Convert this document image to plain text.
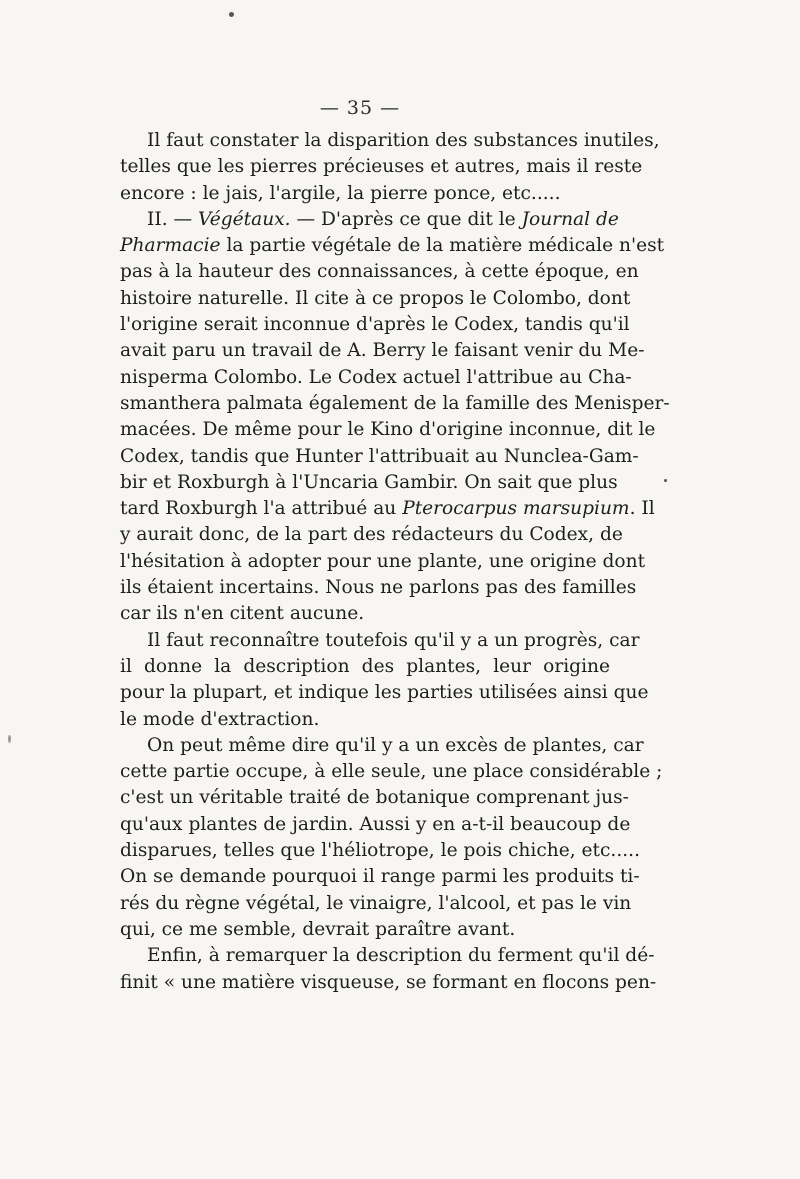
— 35 —
Il faut constater la disparition des substances inutiles,
telles que les pierres précieuses et autres, mais il reste
encore : le jais, l'argile, la pierre ponce, etc.....
II. — Végétaux. — D'après ce que dit le Journal de
Pharmacie la partie végétale de la matière médicale n'est
pas à la hauteur des connaissances, à cette époque, en
histoire naturelle. Il cite à ce propos le Colombo, dont
l'origine serait inconnue d'après le Codex, tandis qu'il
avait paru un travail de A. Berry le faisant venir du Me-
nisperma Colombo. Le Codex actuel l'attribue au Cha-
smanthera palmata également de la famille des Menisper-
macées. De même pour le Kino d'origine inconnue, dit le
Codex, tandis que Hunter l'attribuait au Nunclea-Gam-
bir et Roxburgh à l'Uncaria Gambir. On sait que plus
tard Roxburgh l'a attribué au Pterocarpus marsupium. Il
y aurait donc, de la part des rédacteurs du Codex, de
l'hésitation à adopter pour une plante, une origine dont
ils étaient incertains. Nous ne parlons pas des familles
car ils n'en citent aucune.
Il faut reconnaître toutefois qu'il y a un progrès, car
il donne la description des plantes, leur origine
pour la plupart, et indique les parties utilisées ainsi que
le mode d'extraction.
On peut même dire qu'il y a un excès de plantes, car
cette partie occupe, à elle seule, une place considérable ;
c'est un véritable traité de botanique comprenant jus-
qu'aux plantes de jardin. Aussi y en a-t-il beaucoup de
disparues, telles que l'héliotrope, le pois chiche, etc.....
On se demande pourquoi il range parmi les produits ti-
rés du règne végétal, le vinaigre, l'alcool, et pas le vin
qui, ce me semble, devrait paraître avant.
Enfin, à remarquer la description du ferment qu'il dé-
finit « une matière visqueuse, se formant en flocons pen-
